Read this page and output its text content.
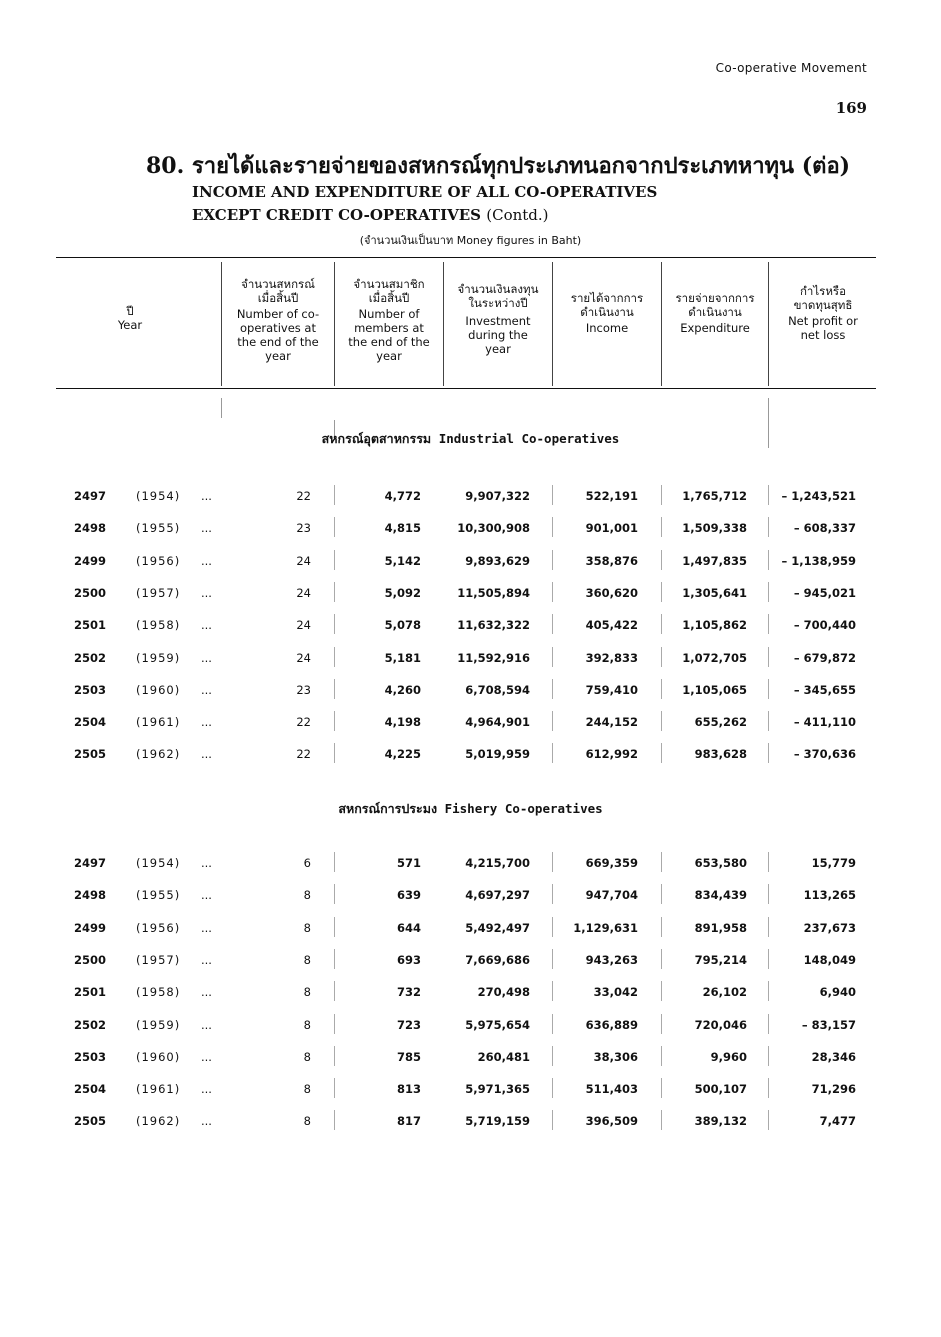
Co-operative Movement
169
80. รายได้และรายจ่ายของสหกรณ์ทุกประเภทนอกจากประเภทหาทุน (ต่อ)
INCOME AND EXPENDITURE OF ALL CO-OPERATIVES
EXCEPT CREDIT CO-OPERATIVES (Contd.)
(จำนวนเงินเป็นบาท Money figures in Baht)
ปี
Year
จำนวนสหกรณ์ เมื่อสิ้นปี
Number of co-operatives at the end of the year
จำนวนสมาชิก เมื่อสิ้นปี
Number of members at the end of the year
จำนวนเงินลงทุน ในระหว่างปี
Investment during the year
รายได้จากการ ดำเนินงาน
Income
รายจ่ายจากการ ดำเนินงาน
Expenditure
กำไรหรือ ขาดทุนสุทธิ
Net profit or net loss
สหกรณ์อุตสาหกรรม Industrial Co-operatives
2497	(1954) ...	22	4,772	9,907,322	522,191	1,765,712	– 1,243,521
2498	(1955) ...	23	4,815	10,300,908	901,001	1,509,338	– 608,337
2499	(1956) ...	24	5,142	9,893,629	358,876	1,497,835	– 1,138,959
2500	(1957) ...	24	5,092	11,505,894	360,620	1,305,641	– 945,021
2501	(1958) ...	24	5,078	11,632,322	405,422	1,105,862	– 700,440
2502	(1959) ...	24	5,181	11,592,916	392,833	1,072,705	– 679,872
2503	(1960) ...	23	4,260	6,708,594	759,410	1,105,065	– 345,655
2504	(1961) ...	22	4,198	4,964,901	244,152	655,262	– 411,110
2505	(1962) ...	22	4,225	5,019,959	612,992	983,628	– 370,636
สหกรณ์การประมง Fishery Co-operatives
2497	(1954) ...	6	571	4,215,700	669,359	653,580	15,779
2498	(1955) ...	8	639	4,697,297	947,704	834,439	113,265
2499	(1956) ...	8	644	5,492,497	1,129,631	891,958	237,673
2500	(1957) ...	8	693	7,669,686	943,263	795,214	148,049
2501	(1958) ...	8	732	270,498	33,042	26,102	6,940
2502	(1959) ...	8	723	5,975,654	636,889	720,046	– 83,157
2503	(1960) ...	8	785	260,481	38,306	9,960	28,346
2504	(1961) ...	8	813	5,971,365	511,403	500,107	71,296
2505	(1962) ...	8	817	5,719,159	396,509	389,132	7,477
